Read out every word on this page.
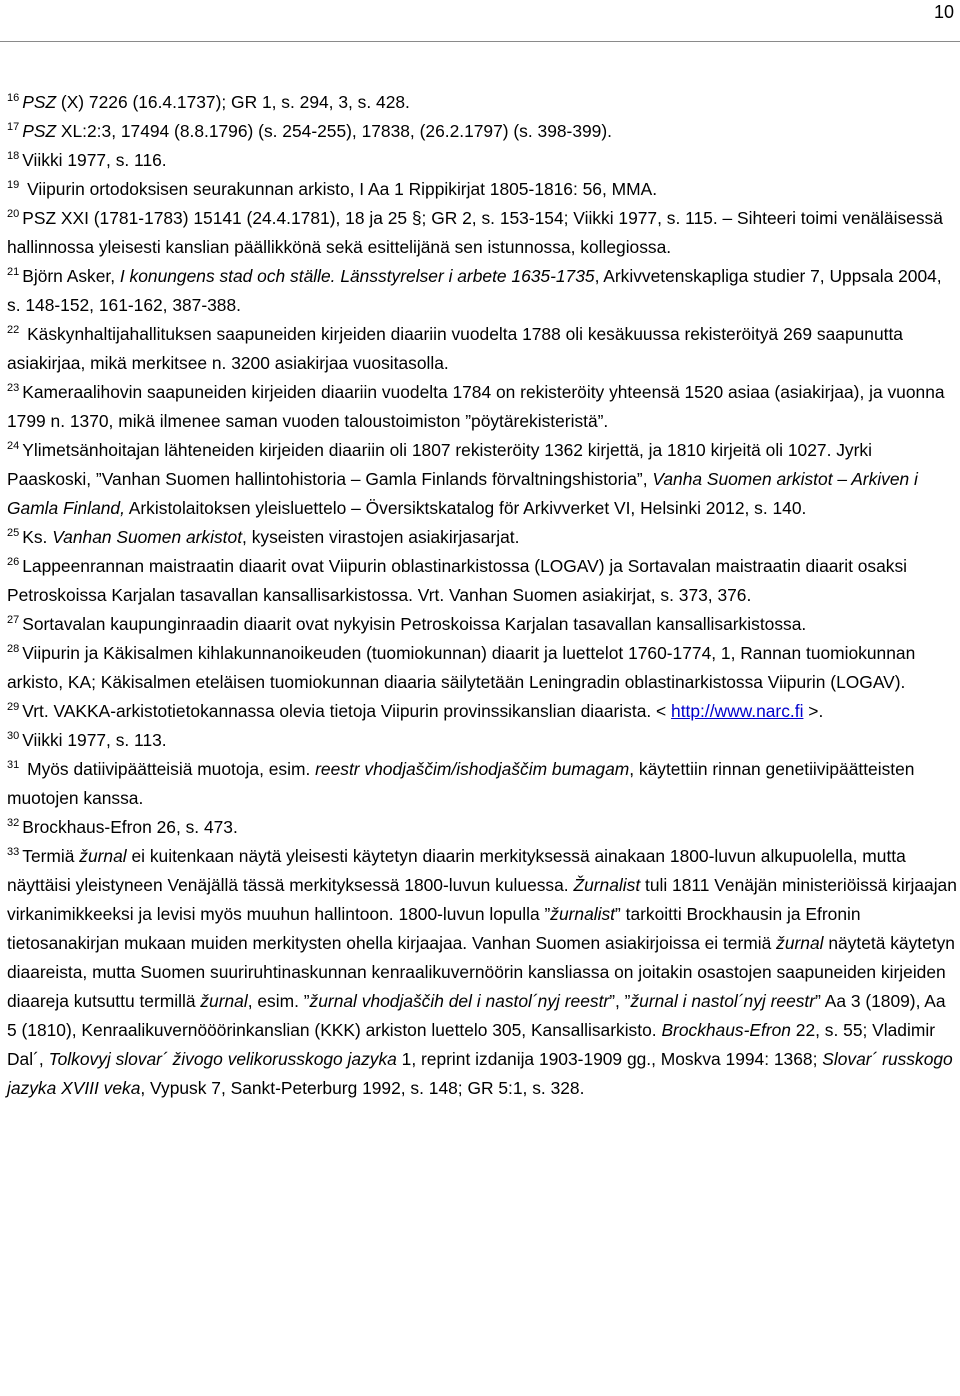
10

$^{16}$ PSZ (X) 7226 (16.4.1737); GR 1, s. 294, 3, s. 428.

$^{17}$ PSZ XL:2:3, 17494 (8.8.1796) (s. 254-255), 17838, (26.2.1797) (s. 398-399).

$^{18}$ Viikki 1977, s. 116.

$^{19}$ Viipurin ortodoksisen seurakunnan arkisto, I Aa 1 Rippikirjat 1805-1816: 56, MMA.

$^{20}$ PSZ XXI (1781-1783) 15141 (24.4.1781), 18 ja 25 §; GR 2, s. 153-154; Viikki 1977, s. 115. – Sihteeri toimi venäläisessä hallinnossa yleisesti kanslian päällikkönä sekä esittelijänä sen istunnossa, kollegiossa.

$^{21}$ Björn Asker, I konungens stad och ställe. Länsstyrelser i arbete 1635-1735, Arkivvetenskapliga studier 7, Uppsala 2004, s. 148-152, 161-162, 387-388.

$^{22}$ Käskynhaltijahallituksen saapuneiden kirjeiden diaariin vuodelta 1788 oli kesäkuussa rekisteröityä 269 saapunutta asiakirjaa, mikä merkitsee n. 3200 asiakirjaa vuositasolla.

$^{23}$ Kameraalihovin saapuneiden kirjeiden diaariin vuodelta 1784 on rekisteröity yhteensä 1520 asiaa (asiakirjaa), ja vuonna 1799 n. 1370, mikä ilmenee saman vuoden taloustoimiston ”pöytärekisteristä”.

$^{24}$ Ylimetsänhoitajan lähteneiden kirjeiden diaariin oli 1807 rekisteröity 1362 kirjettä, ja 1810 kirjeitä oli 1027. Jyrki Paaskoski, ”Vanhan Suomen hallintohistoria – Gamla Finlands förvaltningshistoria”, Vanha Suomen arkistot – Arkiven i Gamla Finland, Arkistolaitoksen yleisluettelo – Översiktskatalog för Arkivverket VI, Helsinki 2012, s. 140.

$^{25}$ Ks. Vanhan Suomen arkistot, kyseisten virastojen asiakirjasarjat.

$^{26}$ Lappeenrannan maistraatin diaarit ovat Viipurin oblastinarkistossa (LOGAV) ja Sortavalan maistraatin diaarit osaksi Petroskoissa Karjalan tasavallan kansallisarkistossa. Vrt. Vanhan Suomen asiakirjat, s. 373, 376.

$^{27}$ Sortavalan kaupunginraadin diaarit ovat nykyisin Petroskoissa Karjalan tasavallan kansallisarkistossa.

$^{28}$ Viipurin ja Käkisalmen kihlakunnanoikeuden (tuomiokunnan) diaarit ja luettelot 1760-1774, 1, Rannan tuomiokunnan arkisto, KA; Käkisalmen eteläisen tuomiokunnan diaaria säilytetään Leningradin oblastinarkistossa Viipurin (LOGAV).

$^{29}$ Vrt. VAKKA-arkistotietokannassa olevia tietoja Viipurin provinssikanslian diaarista. < http://www.narc.fi >.

$^{30}$ Viikki 1977, s. 113.

$^{31}$ Myös datiivipäätteisiä muotoja, esim. reestr vhodjaščim/ishodjaščim bumagam, käytettiin rinnan genetiivipäätteisten muotojen kanssa.

$^{32}$ Brockhaus-Efron 26, s. 473.

$^{33}$ Termiä žurnal ei kuitenkaan näytä yleisesti käytetyn diaarin merkityksessä ainakaan 1800-luvun alkupuolella, mutta näyttäisi yleistyneen Venäjällä tässä merkityksessä 1800-luvun kuluessa. Žurnalist tuli 1811 Venäjän ministeriöissä kirjaajan virkanimikkeeksi ja levisi myös muuhun hallintoon. 1800-luvun lopulla ”žurnalist” tarkoitti Brockhausin ja Efronin tietosanakirjan mukaan muiden merkitysten ohella kirjaajaa. Vanhan Suomen asiakirjoissa ei termiä žurnal näytetä käytetyn diaareista, mutta Suomen suuriruhtinaskunnan kenraalikuvernöörin kansliassa on joitakin osastojen saapuneiden kirjeiden diaareja kutsuttu termillä žurnal, esim. ”žurnal vhodjaščih del i nastol´nyj reestr”, ”žurnal i nastol´nyj reestr” Aa 3 (1809), Aa 5 (1810), Kenraalikuvernööörinkanslian (KKK) arkiston luettelo 305, Kansallisarkisto. Brockhaus-Efron 22, s. 55; Vladimir Dal´, Tolkovyj slovar´ živogo velikorusskogo jazyka 1, reprint izdanija 1903-1909 gg., Moskva 1994: 1368; Slovar´ russkogo jazyka XVIII veka, Vypusk 7, Sankt-Peterburg 1992, s. 148; GR 5:1, s. 328.
